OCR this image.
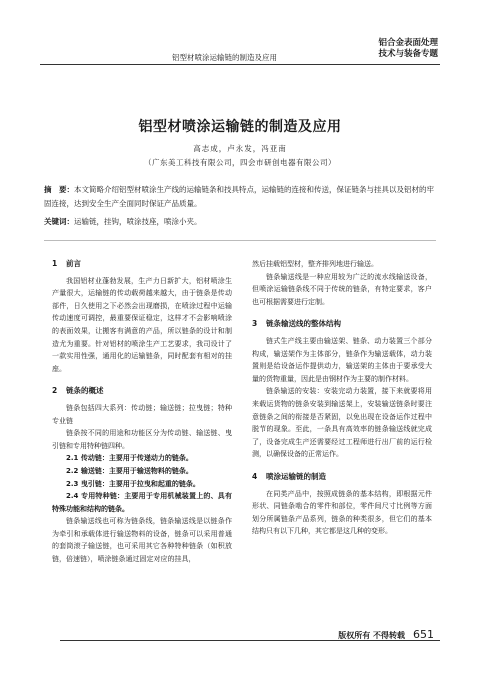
铝型材喷涂运输链的制造及应用
铝合金表面处理
技术与装备专题
铝型材喷涂运输链的制造及应用
高志成，卢永发，冯亚南
（广东美工科技有限公司，四会市研创电器有限公司）
摘　要：本文简略介绍铝型材喷涂生产线的运输链条和技具特点，运输链的连接和传送，保证链条与挂具以及铝材的牢固连接，达到安全生产全面同时保证产品质量。
关键词：运输链，挂钩，喷涂技座，喷涂小夹。
1 前言

我国铝材业蓬勃发展，生产力日新扩大，铝材喷涂生产量很大，运输链的传动载荷越来越大，由于链条是传动部件，日久使用之下必然会出现磨损，在喷涂过程中运输传动速度可调控，最重要保证稳定，这样才不会影响喷涂的表面效果，让搬客有满意的产品，所以链条的设计和制造尤为重要。针对铝材的喷涂生产工艺要求，我司设计了一款实用性强，通用化的运输链条，同时配套有相对的挂座。

2 链条的概述

链条包括四大系列：传动链；输送链；拉曳链；特种专业链

链条按不同的用途和功能区分为传动链、输送链、曳引链和专用特种链四种。

2.1 传动链：主要用于传递动力的链条。

2.2 输送链：主要用于输送物料的链条。

2.3 曳引链：主要用于拉曳和起重的链条。

2.4 专用特种链：主要用于专用机械装置上的、具有特殊功能和结构的链条。

链条输送线也可称为链条线，链条输送线是以链条作为牵引和承载体进行输送物料的设备，链条可以采用普通的套筒滚子输送链，也可采用其它各种特种链条（如积放链，倍速链），喷涂链条通过固定对应的挂具，

然后挂载铝型材，整齐排列地进行输送。

链条输送线是一种应用较为广泛的流水线输送设备，但喷涂运输链条线不同于传统的链条，有特定要求，客户也可根据需要进行定制。

3 链条输送线的整体结构

链式生产线主要由输送架、链条、动力装置三个部分构成，输送架作为主体部分，链条作为输送载体，动力装置则是给设备运作提供动力，输送架的主体由于要承受大量的货物重量，因此是由钢材作为主要的制作材料。

链条输送的安装：安装完动力装置，接下来就要将用来载运货物的链条安装到输送架上，安装输送链条时要注意链条之间的衔接是否紧固，以免出现在设备运作过程中脱节的现象。至此，一条具有高效率的链条输送线就完成了，设备完成生产还需要经过工程师进行出厂前的运行检测，以确保设备的正常运作。

4 喷涂运输链的制造

在同类产品中，按照成链条的基本结构，即根据元件形状、同链条啮合的零件和部位，零件间尺寸比例等方面划分所属链条产品系列，链条的种类很多，但它们的基本结构只有以下几种，其它都是这几种的变形。

版权所有 不得转载 651
